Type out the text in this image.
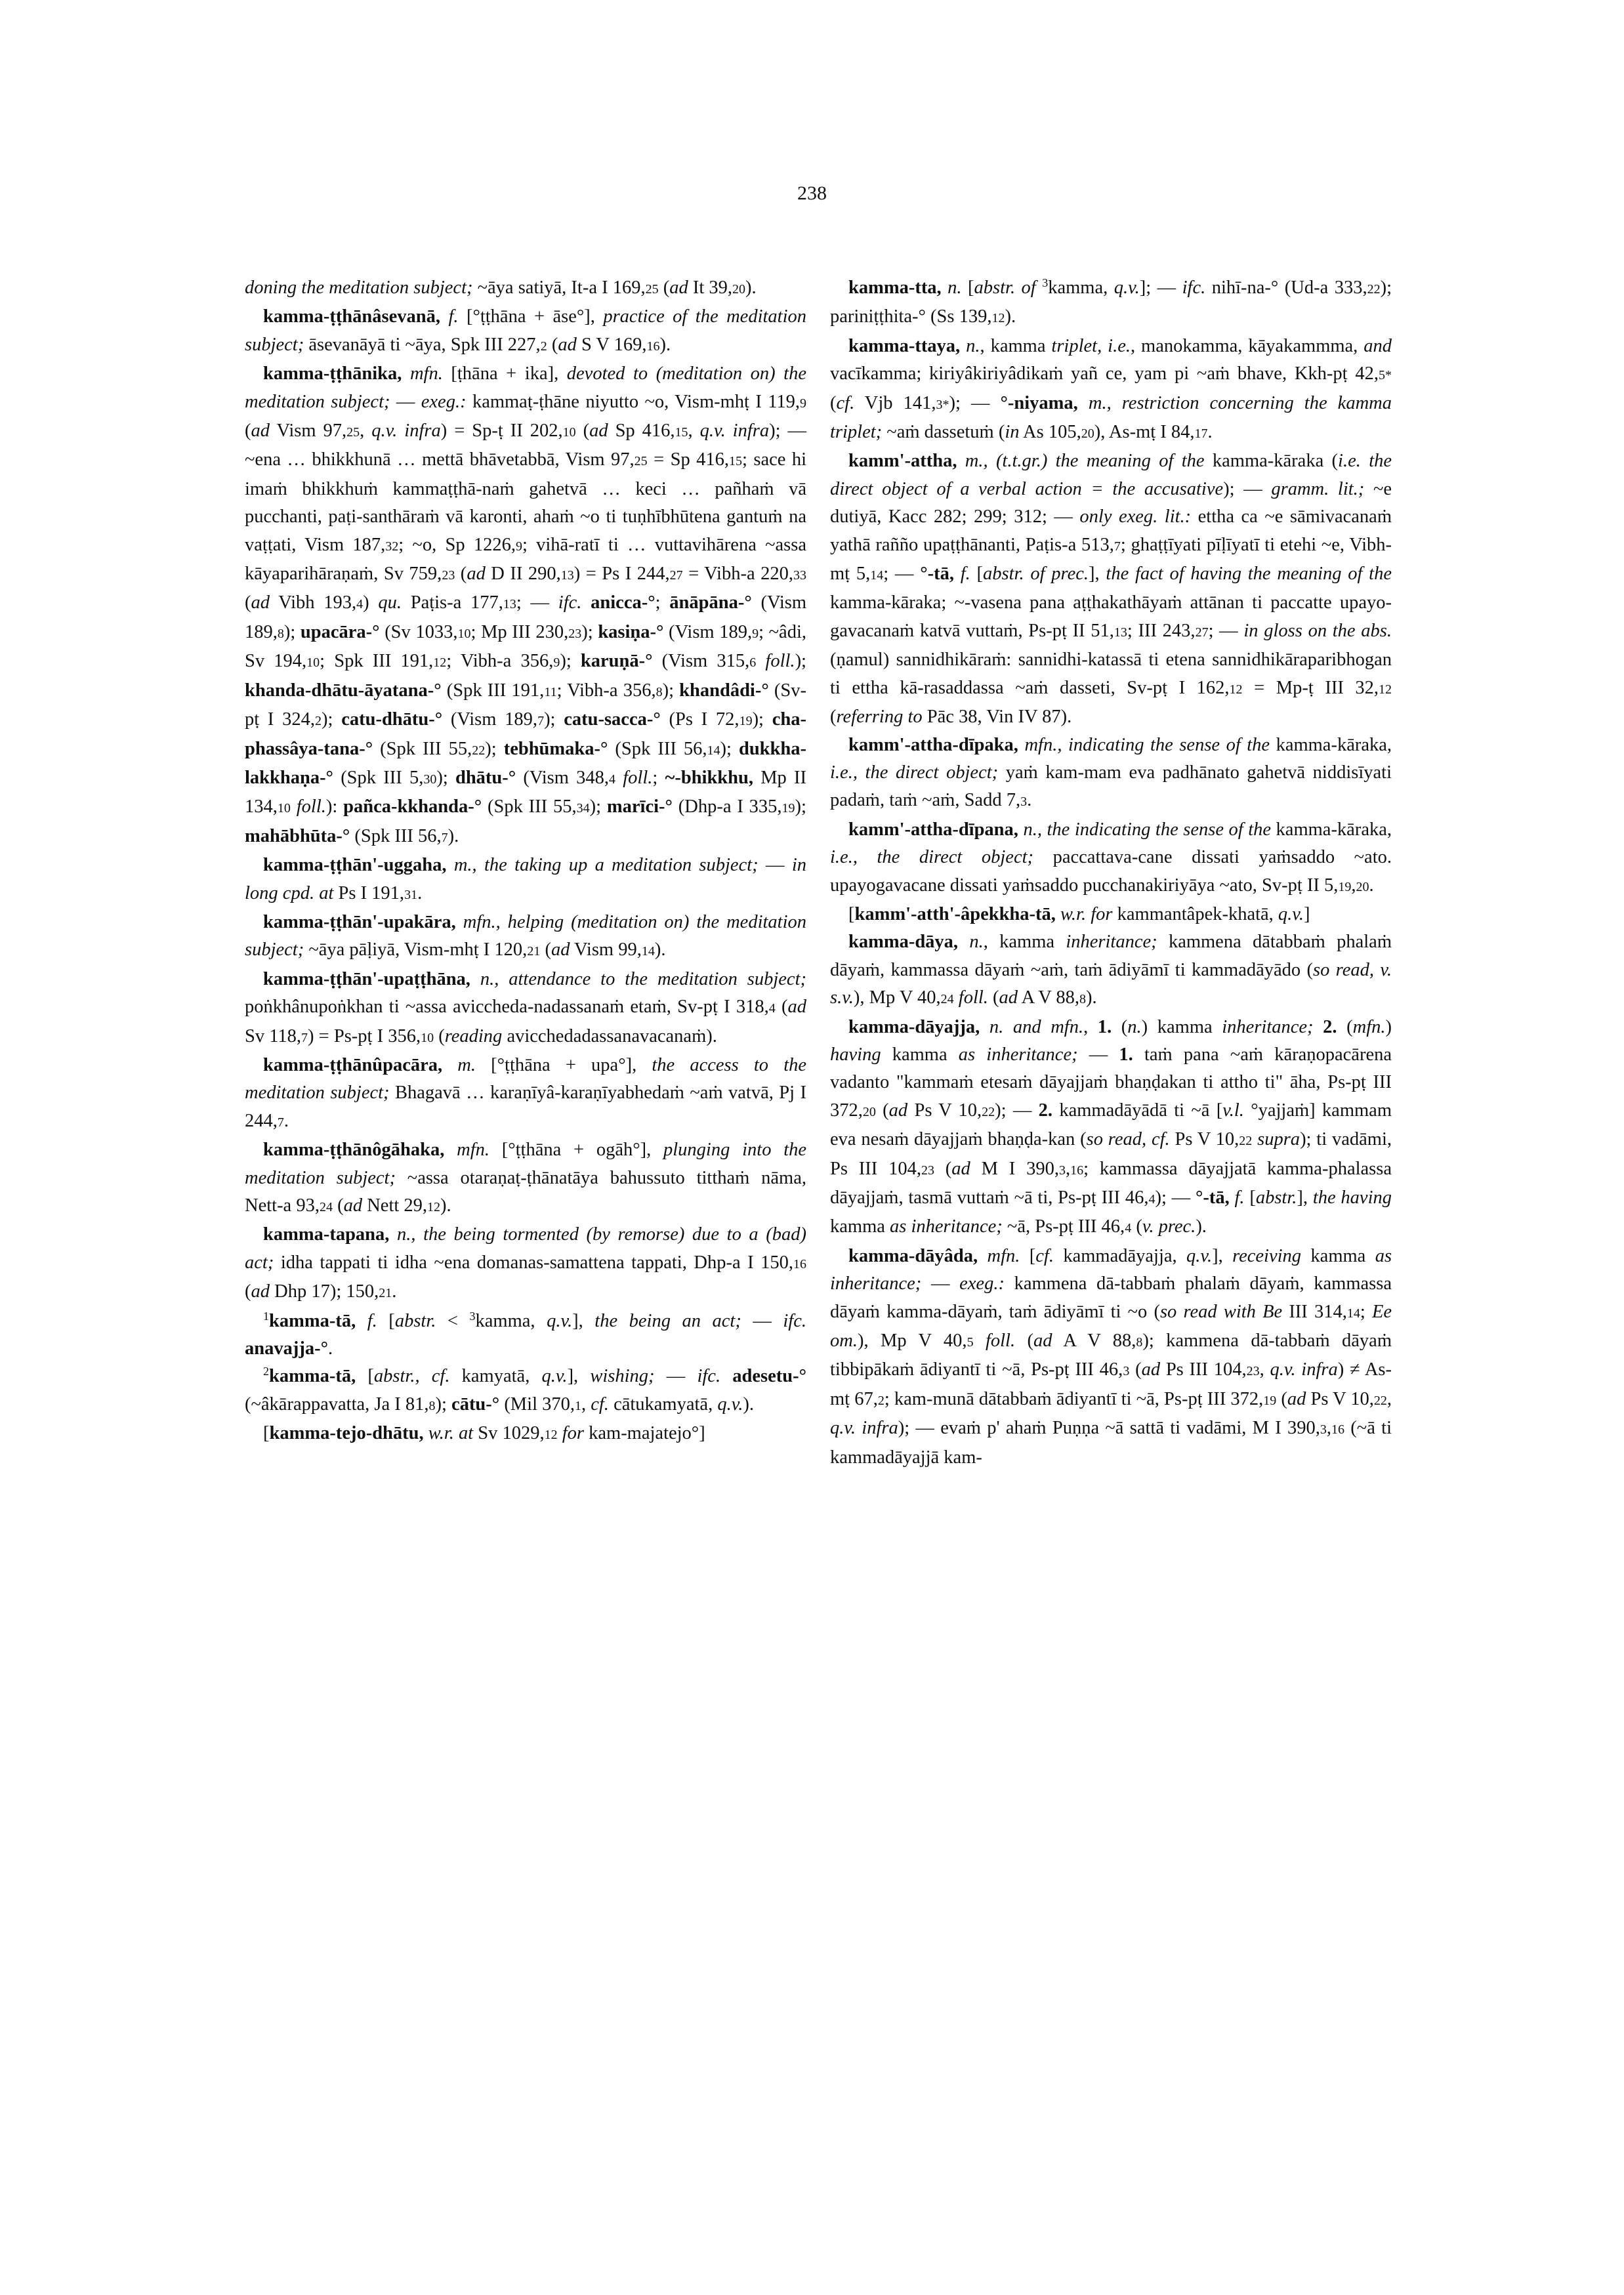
238

doning the meditation subject; ~āya satiyā, It-a I 169,25 (ad It 39,20).

kamma-ṭṭhānâsevanā, f. [°ṭṭhāna + āse°], practice of the meditation subject; āsevanāyā ti ~āya, Spk III 227,2 (ad S V 169,16).

kamma-ṭṭhānika, mfn. [ṭhāna + ika], devoted to (meditation on) the meditation subject; — exeg.: kammaṭ-ṭhāne niyutto ~o, Vism-mhṭ I 119,9 (ad Vism 97,25, q.v. infra) = Sp-ṭ II 202,10 (ad Sp 416,15, q.v. infra); — ~ena … bhikkhunā … mettā bhāvetabbā, Vism 97,25 = Sp 416,15; sace hi imaṁ bhikkhuṁ kammaṭṭhā-naṁ gahetvā … keci … pañhaṁ vā pucchanti, paṭi-santhāraṁ vā karonti, ahaṁ ~o ti tuṇhībhūtena gantuṁ na vaṭṭati, Vism 187,32; ~o, Sp 1226,9; vihā-ratī ti … vuttavihārena ~assa kāyaparihāraṇaṁ, Sv 759,23 (ad D II 290,13) = Ps I 244,27 = Vibh-a 220,33 (ad Vibh 193,4) qu. Paṭis-a 177,13; — ifc. anicca-°; ānāpāna-° (Vism 189,8); upacāra-° (Sv 1033,10; Mp III 230,23); kasiṇa-° (Vism 189,9; ~âdi, Sv 194,10; Spk III 191,12; Vibh-a 356,9); karuṇā-° (Vism 315,6 foll.); khanda-dhātu-āyatana-° (Spk III 191,11; Vibh-a 356,8); khandâdi-° (Sv-pṭ I 324,2); catu-dhātu-° (Vism 189,7); catu-sacca-° (Ps I 72,19); cha-phassâya-tana-° (Spk III 55,22); tebhūmaka-° (Spk III 56,14); dukkha-lakkhaṇa-° (Spk III 5,30); dhātu-° (Vism 348,4 foll.; ~-bhikkhu, Mp II 134,10 foll.): pañca-kkhanda-° (Spk III 55,34); marīci-° (Dhp-a I 335,19); mahābhūta-° (Spk III 56,7).

kamma-ṭṭhān'-uggaha, m., the taking up a meditation subject; — in long cpd. at Ps I 191,31.

kamma-ṭṭhān'-upakāra, mfn., helping (meditation on) the meditation subject; ~āya pāḷiyā, Vism-mhṭ I 120,21 (ad Vism 99,14).

kamma-ṭṭhān'-upaṭṭhāna, n., attendance to the meditation subject; poṅkhânupoṅkhan ti ~assa aviccheda-nadassanaṁ etaṁ, Sv-pṭ I 318,4 (ad Sv 118,7) = Ps-pṭ I 356,10 (reading avicchedadassanavacanaṁ).

kamma-ṭṭhānûpacāra, m. [°ṭṭhāna + upa°], the access to the meditation subject; Bhagavā … karaṇīyâ-karaṇīyabhedaṁ ~aṁ vatvā, Pj I 244,7.

kamma-ṭṭhānôgāhaka, mfn. [°ṭṭhāna + ogāh°], plunging into the meditation subject; ~assa otaraṇaṭ-ṭhānatāya bahussuto titthaṁ nāma, Nett-a 93,24 (ad Nett 29,12).

kamma-tapana, n., the being tormented (by remorse) due to a (bad) act; idha tappati ti idha ~ena domanas-samattena tappati, Dhp-a I 150,16 (ad Dhp 17); 150,21.

$^1$kamma-tā, f. [abstr. < $^3$kamma, q.v.], the being an act; — ifc. anavajja-°.

$^2$kamma-tā, [abstr., cf. kamyatā, q.v.], wishing; — ifc. adesetu-° (~âkārappavatta, Ja I 81,8); cātu-° (Mil 370,1, cf. cātukamyatā, q.v.).

[kamma-tejo-dhātu, w.r. at Sv 1029,12 for kam-majatejo°]

kamma-tta, n. [abstr. of $^3$kamma, q.v.]; — ifc. nihī-na-° (Ud-a 333,22); pariniṭṭhita-° (Ss 139,12).

kamma-ttaya, n., kamma triplet, i.e., manokamma, kāyakammma, and vacīkamma; kiriyâkiriyâdikaṁ yañ ce, yam pi ~aṁ bhave, Kkh-pṭ 42,5* (cf. Vjb 141,3*); — °-niyama, m., restriction concerning the kamma triplet; ~aṁ dassetuṁ (in As 105,20), As-mṭ I 84,17.

kamm'-attha, m., (t.t.gr.) the meaning of the kamma-kāraka (i.e. the direct object of a verbal action = the accusative); — gramm. lit.; ~e dutiyā, Kacc 282; 299; 312; — only exeg. lit.: ettha ca ~e sāmivacanaṁ yathā rañño upaṭṭhānanti, Paṭis-a 513,7; ghaṭṭīyati pīḷīyatī ti etehi ~e, Vibh-mṭ 5,14; — °-tā, f. [abstr. of prec.], the fact of having the meaning of the kamma-kāraka; ~-vasena pana aṭṭhakathāyaṁ attānan ti paccatte upayo-gavacanaṁ katvā vuttaṁ, Ps-pṭ II 51,13; III 243,27; — in gloss on the abs. (ṇamul) sannidhikāraṁ: sannidhi-katassā ti etena sannidhikāraparibhogan ti ettha kā-rasaddassa ~aṁ dasseti, Sv-pṭ I 162,12 = Mp-ṭ III 32,12 (referring to Pāc 38, Vin IV 87).

kamm'-attha-dīpaka, mfn., indicating the sense of the kamma-kāraka, i.e., the direct object; yaṁ kam-mam eva padhānato gahetvā niddisīyati padaṁ, taṁ ~aṁ, Sadd 7,3.

kamm'-attha-dīpana, n., the indicating the sense of the kamma-kāraka, i.e., the direct object; paccattava-cane dissati yaṁsaddo ~ato. upayogavacane dissati yaṁsaddo pucchanakiriyāya ~ato, Sv-pṭ II 5,19,20.

[kamm'-atth'-âpekkha-tā, w.r. for kammantâpek-khatā, q.v.]

kamma-dāya, n., kamma inheritance; kammena dātabbaṁ phalaṁ dāyaṁ, kammassa dāyaṁ ~aṁ, taṁ ādiyāmī ti kammadāyādo (so read, v. s.v.), Mp V 40,24 foll. (ad A V 88,8).

kamma-dāyajja, n. and mfn., 1. (n.) kamma inheritance; 2. (mfn.) having kamma as inheritance; — 1. taṁ pana ~aṁ kāraṇopacārena vadanto "kammaṁ etesaṁ dāyajjaṁ bhaṇḍakan ti attho ti" āha, Ps-pṭ III 372,20 (ad Ps V 10,22); — 2. kammadāyādā ti ~ā [v.l. °yajjaṁ] kammam eva nesaṁ dāyajjaṁ bhaṇḍa-kan (so read, cf. Ps V 10,22 supra); ti vadāmi, Ps III 104,23 (ad M I 390,3,16; kammassa dāyajjatā kamma-phalassa dāyajjaṁ, tasmā vuttaṁ ~ā ti, Ps-pṭ III 46,4); — °-tā, f. [abstr.], the having kamma as inheritance; ~ā, Ps-pṭ III 46,4 (v. prec.).

kamma-dāyâda, mfn. [cf. kammadāyajja, q.v.], receiving kamma as inheritance; — exeg.: kammena dā-tabbaṁ phalaṁ dāyaṁ, kammassa dāyaṁ kamma-dāyaṁ, taṁ ādiyāmī ti ~o (so read with Be III 314,14; Ee om.), Mp V 40,5 foll. (ad A V 88,8); kammena dā-tabbaṁ dāyaṁ tibbipākaṁ ādiyantī ti ~ā, Ps-pṭ III 46,3 (ad Ps III 104,23, q.v. infra) ≠ As-mṭ 67,2; kam-munā dātabbaṁ ādiyantī ti ~ā, Ps-pṭ III 372,19 (ad Ps V 10,22, q.v. infra); — evaṁ p' ahaṁ Puṇṇa ~ā sattā ti vadāmi, M I 390,3,16 (~ā ti kammadāyajjā kam-
